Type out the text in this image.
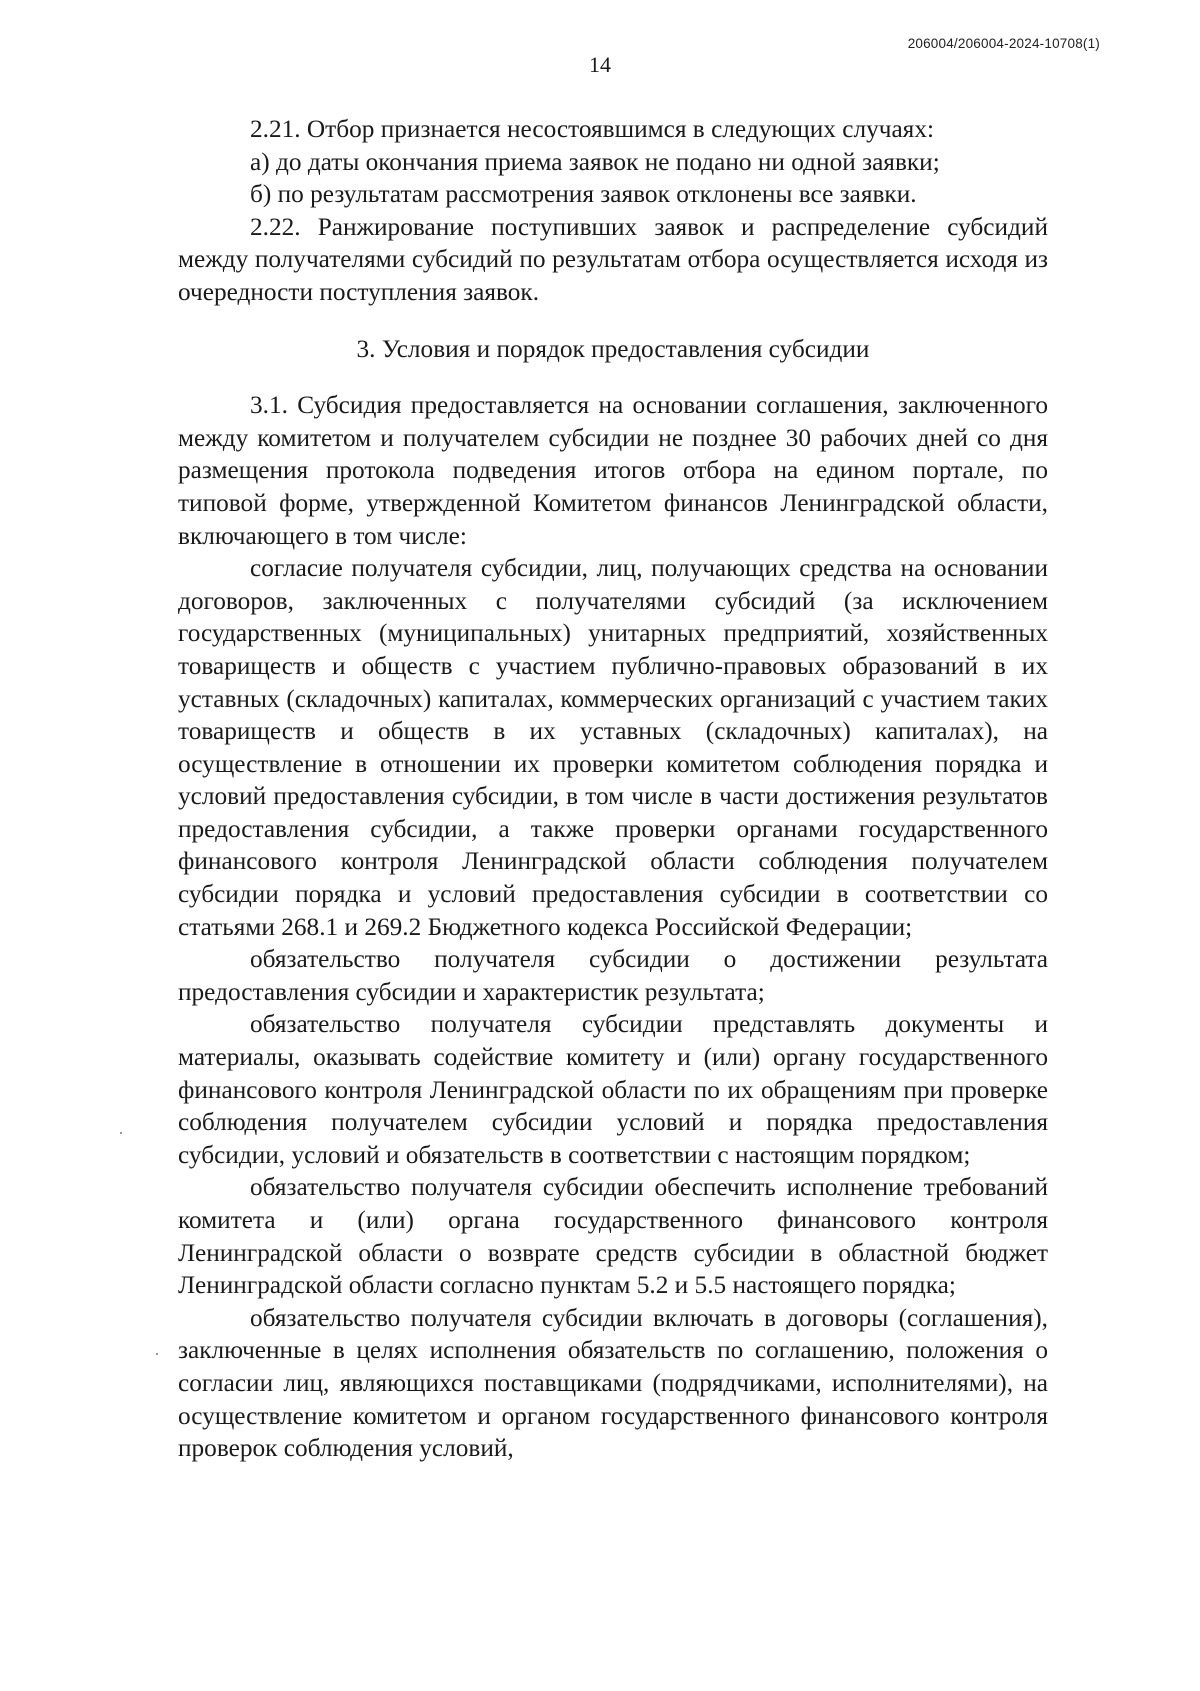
206004/206004-2024-10708(1)
14

2.21. Отбор признается несостоявшимся в следующих случаях:

а) до даты окончания приема заявок не подано ни одной заявки;

б) по результатам рассмотрения заявок отклонены все заявки.

2.22. Ранжирование поступивших заявок и распределение субсидий между получателями субсидий по результатам отбора осуществляется исходя из очередности поступления заявок.

3. Условия и порядок предоставления субсидии

3.1. Субсидия предоставляется на основании соглашения, заключенного между комитетом и получателем субсидии не позднее 30 рабочих дней со дня размещения протокола подведения итогов отбора на едином портале, по типовой форме, утвержденной Комитетом финансов Ленинградской области, включающего в том числе:

согласие получателя субсидии, лиц, получающих средства на основании договоров, заключенных с получателями субсидий (за исключением государственных (муниципальных) унитарных предприятий, хозяйственных товариществ и обществ с участием публично-правовых образований в их уставных (складочных) капиталах, коммерческих организаций с участием таких товариществ и обществ в их уставных (складочных) капиталах), на осуществление в отношении их проверки комитетом соблюдения порядка и условий предоставления субсидии, в том числе в части достижения результатов предоставления субсидии, а также проверки органами государственного финансового контроля Ленинградской области соблюдения получателем субсидии порядка и условий предоставления субсидии в соответствии со статьями 268.1 и 269.2 Бюджетного кодекса Российской Федерации;

обязательство получателя субсидии о достижении результата предоставления субсидии и характеристик результата;

обязательство получателя субсидии представлять документы и материалы, оказывать содействие комитету и (или) органу государственного финансового контроля Ленинградской области по их обращениям при проверке соблюдения получателем субсидии условий и порядка предоставления субсидии, условий и обязательств в соответствии с настоящим порядком;

обязательство получателя субсидии обеспечить исполнение требований комитета и (или) органа государственного финансового контроля Ленинградской области о возврате средств субсидии в областной бюджет Ленинградской области согласно пунктам 5.2 и 5.5 настоящего порядка;

обязательство получателя субсидии включать в договоры (соглашения), заключенные в целях исполнения обязательств по соглашению, положения о согласии лиц, являющихся поставщиками (подрядчиками, исполнителями), на осуществление комитетом и органом государственного финансового контроля проверок соблюдения условий,
